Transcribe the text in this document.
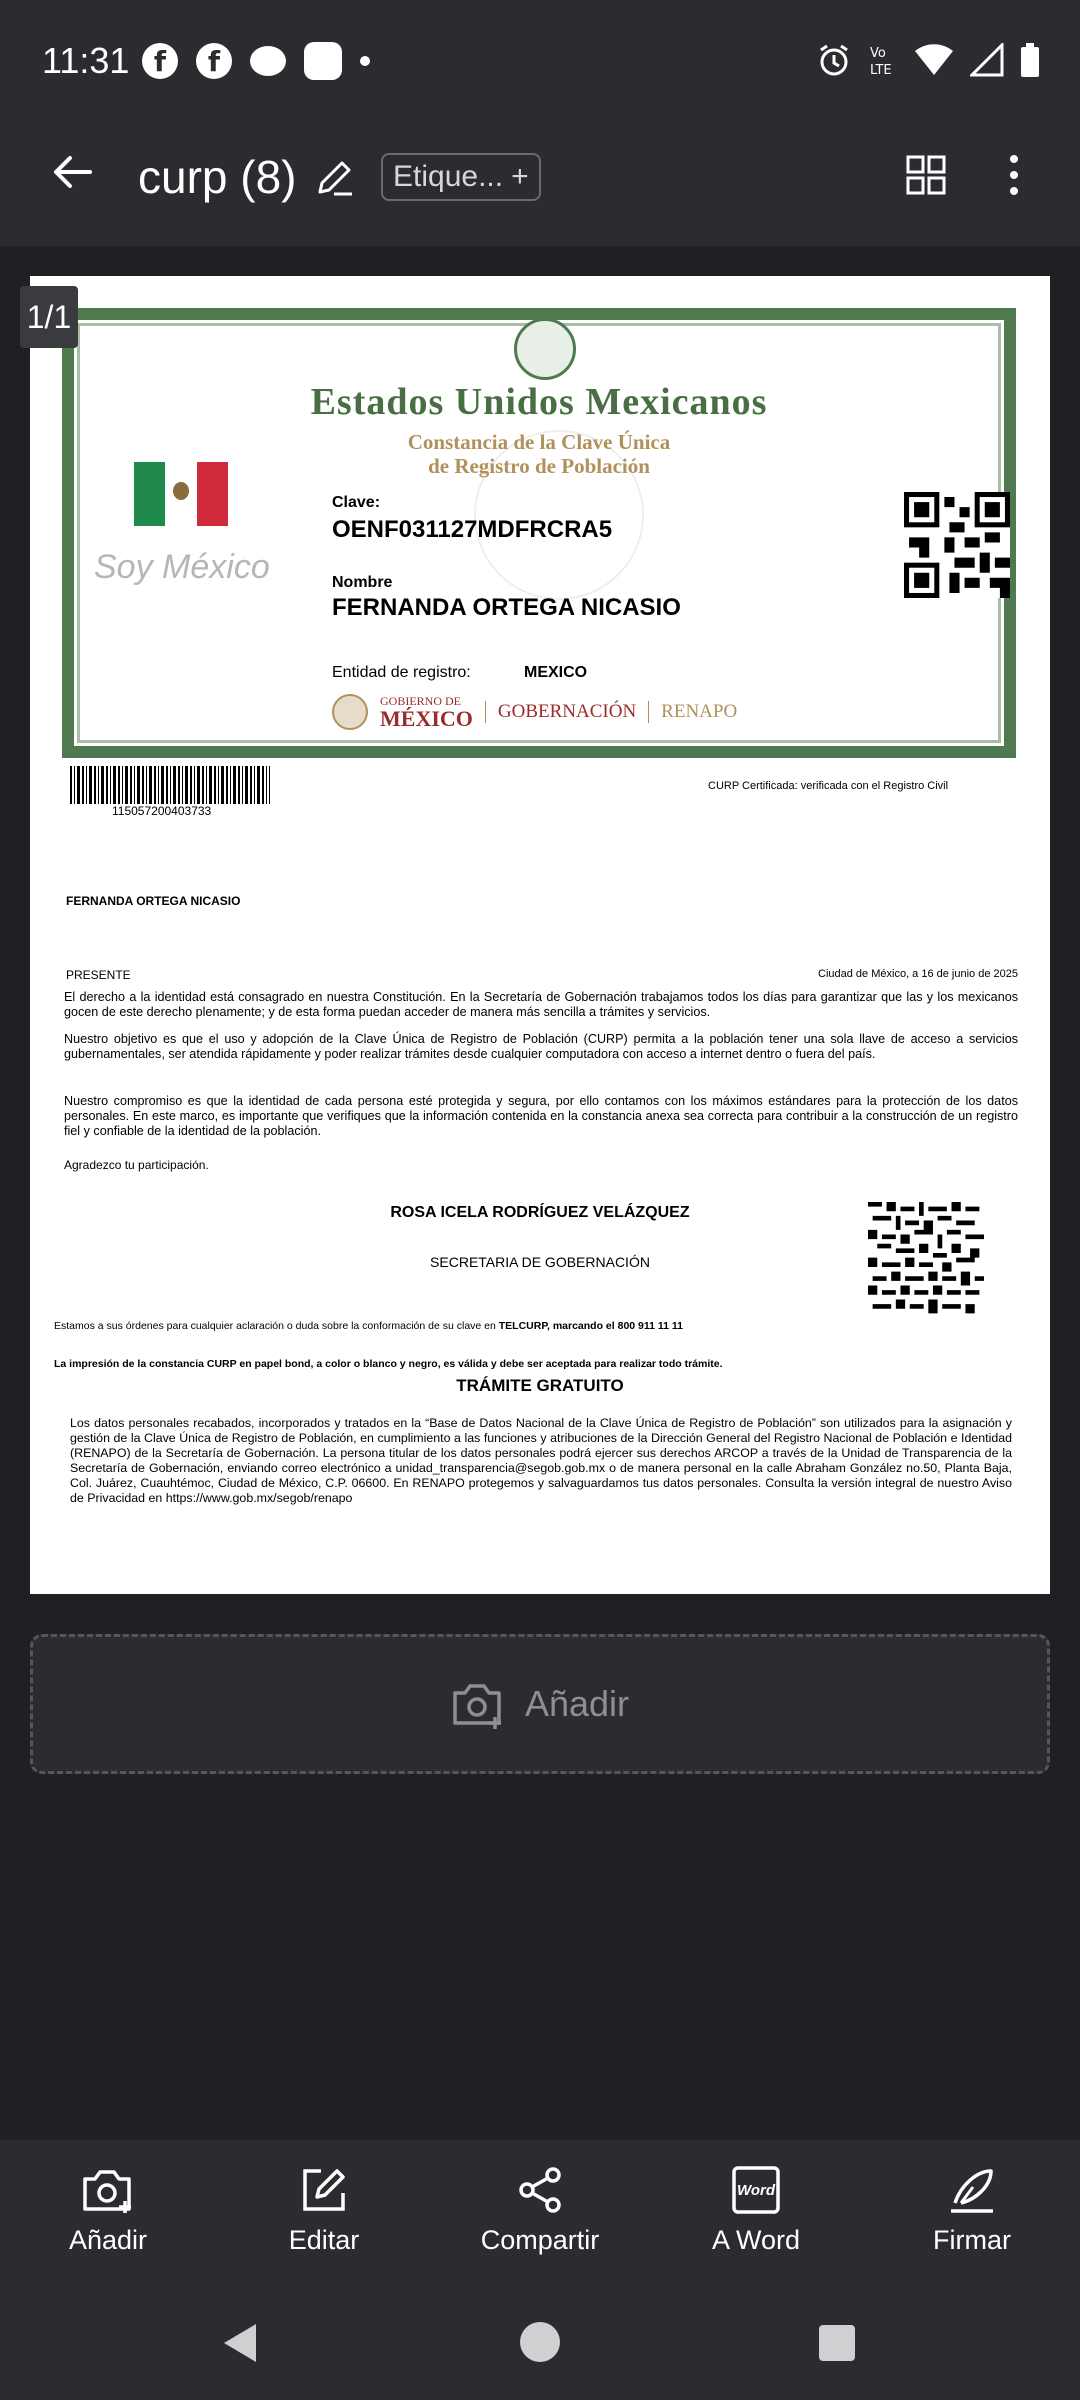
11:31 f	f	Vo
LTE
curp (8)	Etique... +
1/1
Estados Unidos Mexicanos
Constancia de la Clave Única
de Registro de Población
Soy México
Clave:
OENF031127MDFRCRA5
Nombre
FERNANDA ORTEGA NICASIO
Entidad de registro:	MEXICO
GOBIERNO DE
MÉXICO	GOBERNACIÓN	RENAPO
115057200403733
CURP Certificada: verificada con el Registro Civil
FERNANDA ORTEGA NICASIO
PRESENTE	Ciudad de México, a 16 de junio de 2025
El derecho a la identidad está consagrado en nuestra Constitución. En la Secretaría de Gobernación trabajamos todos los días para garantizar que las y los mexicanos gocen de este derecho plenamente; y de esta forma puedan acceder de manera más sencilla a trámites y servicios.
Nuestro objetivo es que el uso y adopción de la Clave Única de Registro de Población (CURP) permita a la población tener una sola llave de acceso a servicios gubernamentales, ser atendida rápidamente y poder realizar trámites desde cualquier computadora con acceso a internet dentro o fuera del país.
Nuestro compromiso es que la identidad de cada persona esté protegida y segura, por ello contamos con los máximos estándares para la protección de los datos personales. En este marco, es importante que verifiques que la información contenida en la constancia anexa sea correcta para contribuir a la construcción de un registro fiel y confiable de la identidad de la población.
Agradezco tu participación.
ROSA ICELA RODRÍGUEZ VELÁZQUEZ
SECRETARIA DE GOBERNACIÓN
Estamos a sus órdenes para cualquier aclaración o duda sobre la conformación de su clave en TELCURP, marcando el 800 911 11 11
La impresión de la constancia CURP en papel bond, a color o blanco y negro, es válida y debe ser aceptada para realizar todo trámite.
TRÁMITE GRATUITO
Los datos personales recabados, incorporados y tratados en la “Base de Datos Nacional de la Clave Única de Registro de Población” son utilizados para la asignación y gestión de la Clave Única de Registro de Población, en cumplimiento a las funciones y atribuciones de la Dirección General del Registro Nacional de Población e Identidad (RENAPO) de la Secretaría de Gobernación. La persona titular de los datos personales podrá ejercer sus derechos ARCOP a través de la Unidad de Transparencia de la Secretaría de Gobernación, enviando correo electrónico a unidad_transparencia@segob.gob.mx o de manera personal en la calle Abraham González no.50, Planta Baja, Col. Juárez, Cuauhtémoc, Ciudad de México, C.P. 06600. En RENAPO protegemos y salvaguardamos tus datos personales. Consulta la versión integral de nuestro Aviso de Privacidad en https://www.gob.mx/segob/renapo
Añadir
Añadir	Editar	Compartir
Word
A Word	Firmar
